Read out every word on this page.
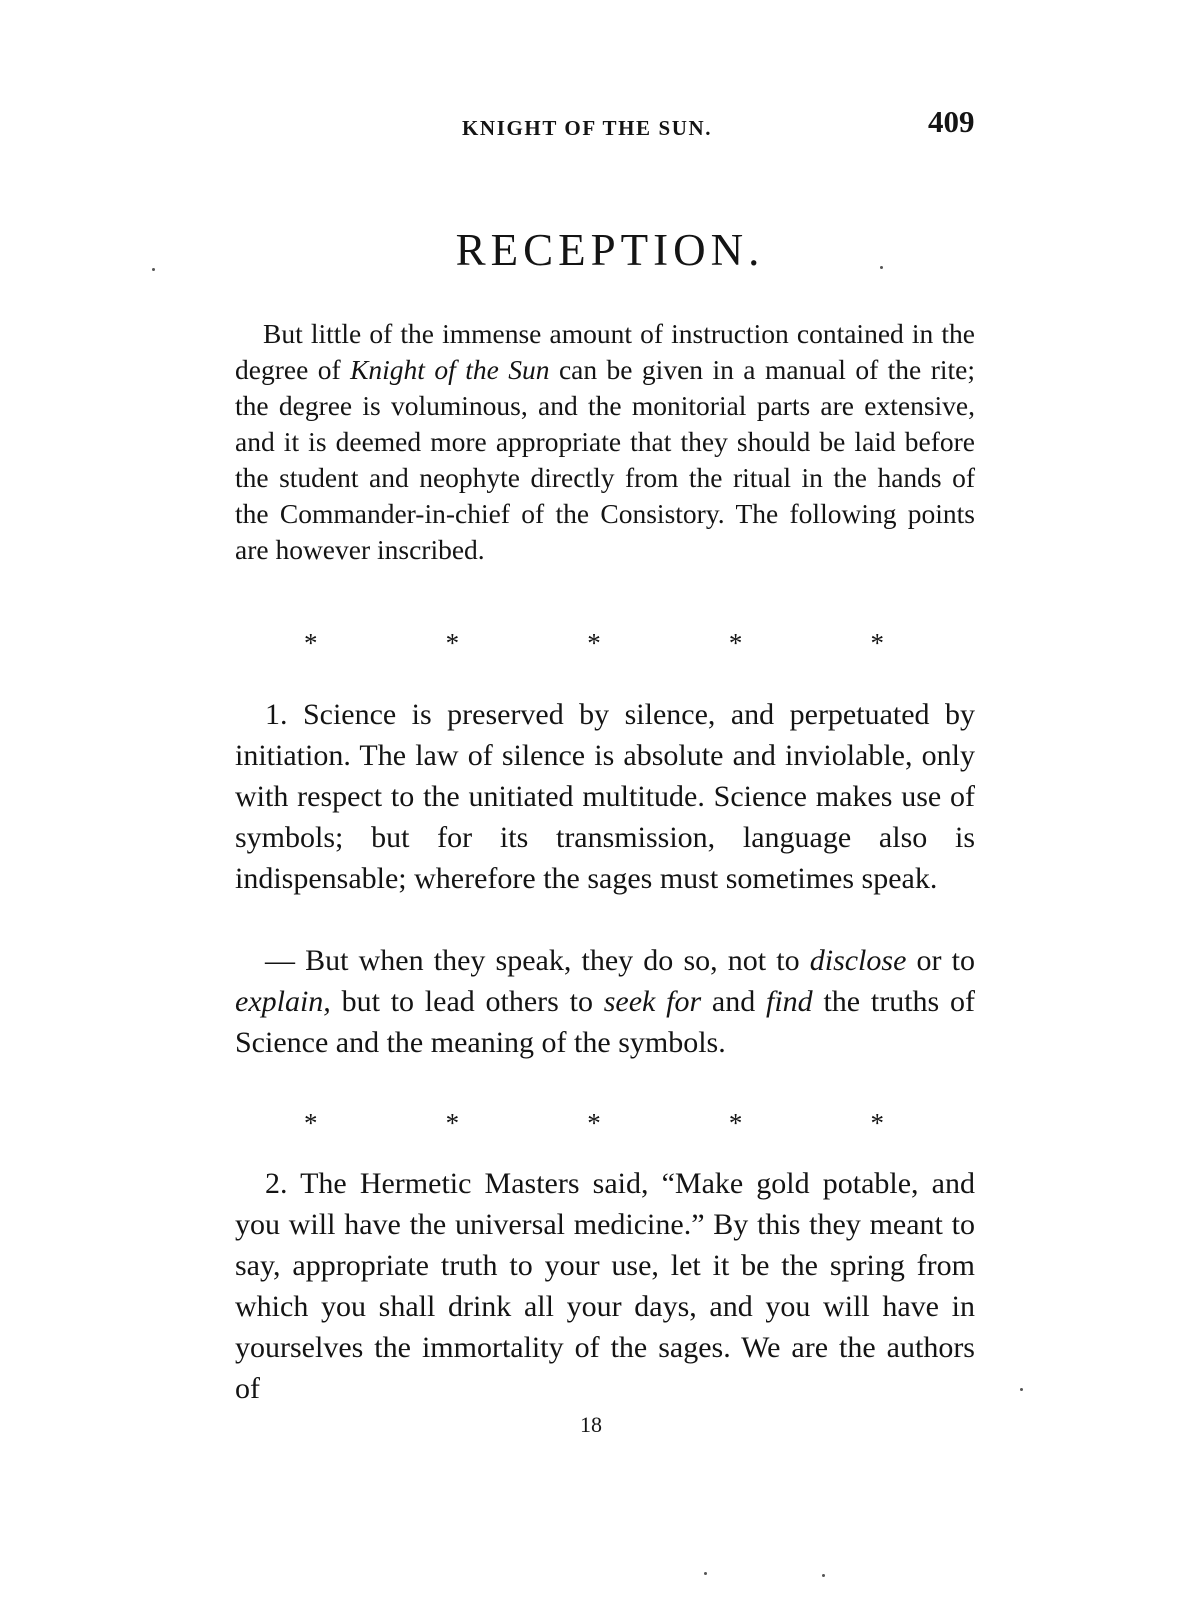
KNIGHT OF THE SUN.	409
RECEPTION.

But little of the immense amount of instruction contained in the degree of Knight of the Sun can be given in a manual of the rite; the degree is voluminous, and the monitorial parts are extensive, and it is deemed more appropriate that they should be laid before the student and neophyte directly from the ritual in the hands of the Commander-in-chief of the Consistory. The following points are however inscribed.

*	*	*	*	*

1. Science is preserved by silence, and perpetuated by initiation. The law of silence is absolute and inviolable, only with respect to the unitiated multitude. Science makes use of symbols; but for its transmission, language also is indispensable; wherefore the sages must sometimes speak.

— But when they speak, they do so, not to disclose or to explain, but to lead others to seek for and find the truths of Science and the meaning of the symbols.

*	*	*	*	*

2. The Hermetic Masters said, “Make gold potable, and you will have the universal medicine.” By this they meant to say, appropriate truth to your use, let it be the spring from which you shall drink all your days, and you will have in yourselves the immortality of the sages. We are the authors of

18
